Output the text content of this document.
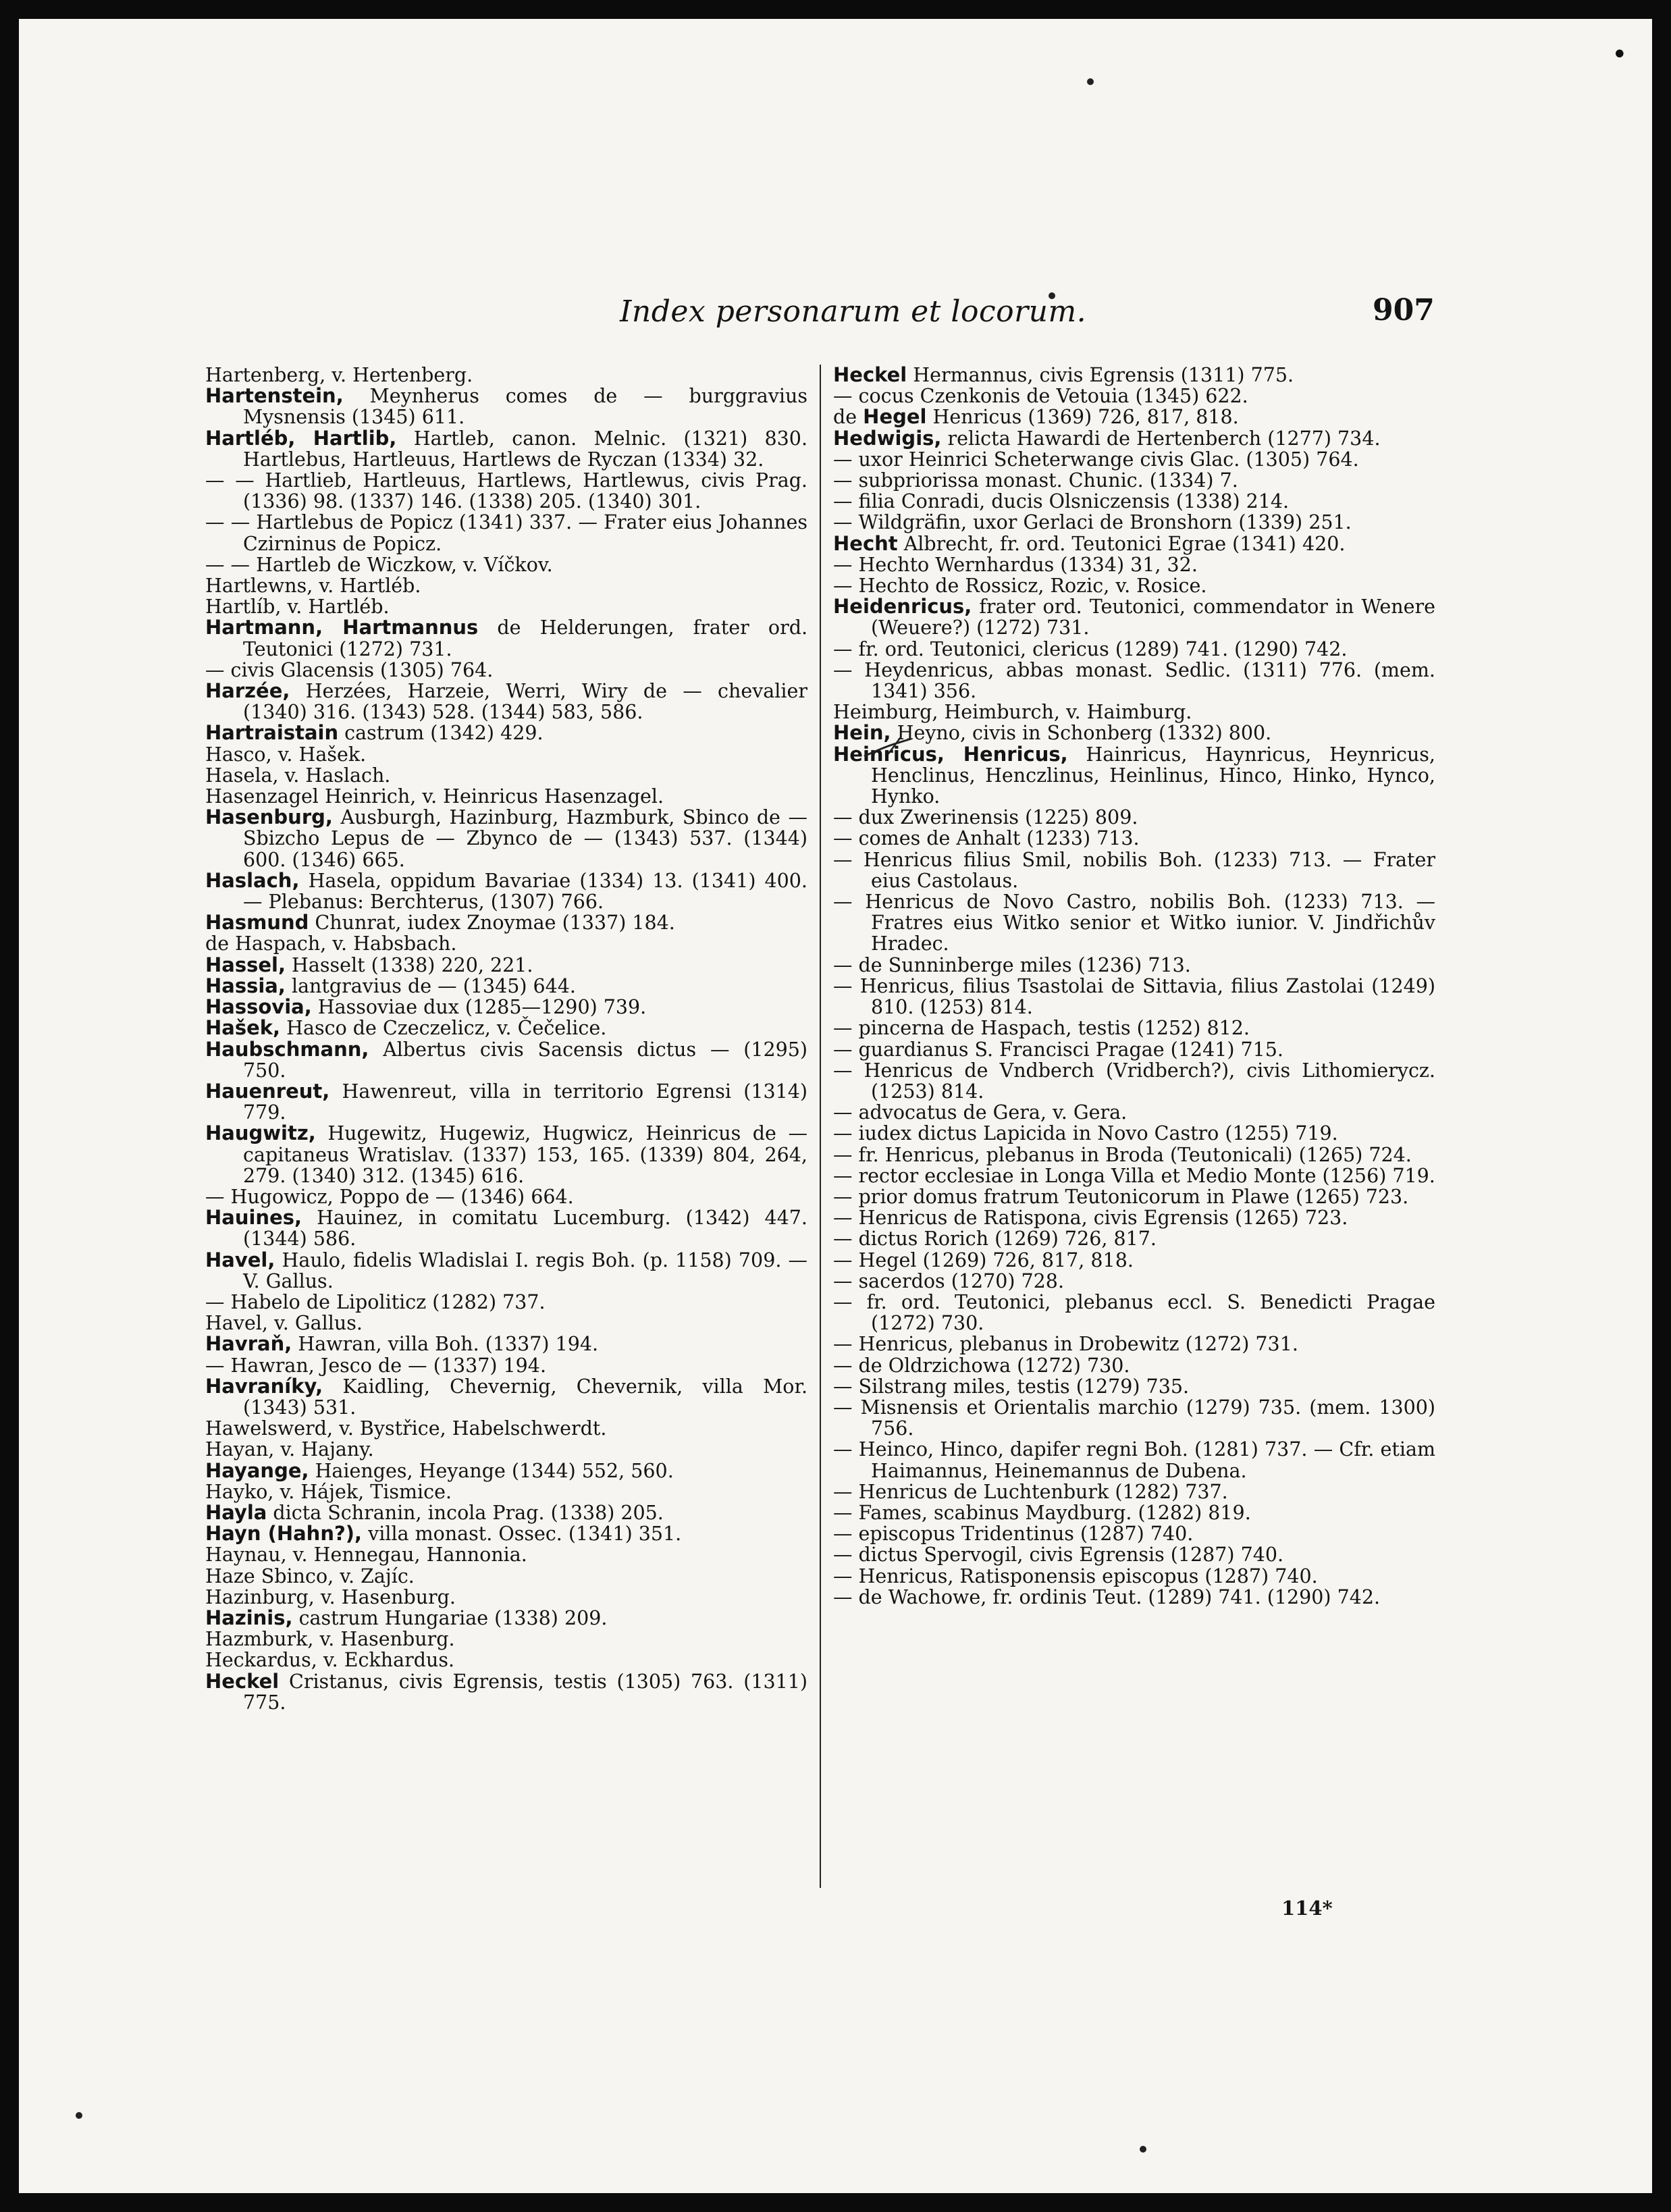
•
Index personarum et locorum.	907
Hartenberg, v. Hertenberg.
Hartenstein, Meynherus comes de — burggravius Mysnensis (1345) 611.
Hartléb, Hartlib, Hartleb, canon. Melnic. (1321) 830. Hartlebus, Hartleuus, Hartlews de Ryczan (1334) 32.
— — Hartlieb, Hartleuus, Hartlews, Hartlewus, civis Prag. (1336) 98. (1337) 146. (1338) 205. (1340) 301.
— — Hartlebus de Popicz (1341) 337. — Frater eius Johannes Czirninus de Popicz.
— — Hartleb de Wiczkow, v. Víčkov.
Hartlewns, v. Hartléb.
Hartlíb, v. Hartléb.
Hartmann, Hartmannus de Helderungen, frater ord. Teutonici (1272) 731.
— civis Glacensis (1305) 764.
Harzée, Herzées, Harzeie, Werri, Wiry de — chevalier (1340) 316. (1343) 528. (1344) 583, 586.
Hartraistain castrum (1342) 429.
Hasco, v. Hašek.
Hasela, v. Haslach.
Hasenzagel Heinrich, v. Heinricus Hasenzagel.
Hasenburg, Ausburgh, Hazinburg, Hazmburk, Sbinco de — Sbizcho Lepus de — Zbynco de — (1343) 537. (1344) 600. (1346) 665.
Haslach, Hasela, oppidum Bavariae (1334) 13. (1341) 400. — Plebanus: Berchterus, (1307) 766.
Hasmund Chunrat, iudex Znoymae (1337) 184.
de Haspach, v. Habsbach.
Hassel, Hasselt (1338) 220, 221.
Hassia, lantgravius de — (1345) 644.
Hassovia, Hassoviae dux (1285—1290) 739.
Hašek, Hasco de Czeczelicz, v. Čečelice.
Haubschmann, Albertus civis Sacensis dictus — (1295) 750.
Hauenreut, Hawenreut, villa in territorio Egrensi (1314) 779.
Haugwitz, Hugewitz, Hugewiz, Hugwicz, Heinricus de — capitaneus Wratislav. (1337) 153, 165. (1339) 804, 264, 279. (1340) 312. (1345) 616.
— Hugowicz, Poppo de — (1346) 664.
Hauines, Hauinez, in comitatu Lucemburg. (1342) 447. (1344) 586.
Havel, Haulo, fidelis Wladislai I. regis Boh. (p. 1158) 709. — V. Gallus.
— Habelo de Lipoliticz (1282) 737.
Havel, v. Gallus.
Havraň, Hawran, villa Boh. (1337) 194.
— Hawran, Jesco de — (1337) 194.
Havraníky, Kaidling, Chevernig, Chevernik, villa Mor. (1343) 531.
Hawelswerd, v. Bystřice, Habelschwerdt.
Hayan, v. Hajany.
Hayange, Haienges, Heyange (1344) 552, 560.
Hayko, v. Hájek, Tismice.
Hayla dicta Schranin, incola Prag. (1338) 205.
Hayn (Hahn?), villa monast. Ossec. (1341) 351.
Haynau, v. Hennegau, Hannonia.
Haze Sbinco, v. Zajíc.
Hazinburg, v. Hasenburg.
Hazinis, castrum Hungariae (1338) 209.
Hazmburk, v. Hasenburg.
Heckardus, v. Eckhardus.
Heckel Cristanus, civis Egrensis, testis (1305) 763. (1311) 775.
Heckel Hermannus, civis Egrensis (1311) 775.
— cocus Czenkonis de Vetouia (1345) 622.
de Hegel Henricus (1369) 726, 817, 818.
Hedwigis, relicta Hawardi de Hertenberch (1277) 734.
— uxor Heinrici Scheterwange civis Glac. (1305) 764.
— subpriorissa monast. Chunic. (1334) 7.
— filia Conradi, ducis Olsniczensis (1338) 214.
— Wildgräfin, uxor Gerlaci de Bronshorn (1339) 251.
Hecht Albrecht, fr. ord. Teutonici Egrae (1341) 420.
— Hechto Wernhardus (1334) 31, 32.
— Hechto de Rossicz, Rozic, v. Rosice.
Heidenricus, frater ord. Teutonici, commendator in Wenere (Weuere?) (1272) 731.
— fr. ord. Teutonici, clericus (1289) 741. (1290) 742.
— Heydenricus, abbas monast. Sedlic. (1311) 776. (mem. 1341) 356.
Heimburg, Heimburch, v. Haimburg.
Hein, Heyno, civis in Schonberg (1332) 800.
Heinricus, Henricus, Hainricus, Haynricus, Heynricus, Henclinus, Henczlinus, Heinlinus, Hinco, Hinko, Hynco, Hynko.
— dux Zwerinensis (1225) 809.
— comes de Anhalt (1233) 713.
— Henricus filius Smil, nobilis Boh. (1233) 713. — Frater eius Castolaus.
— Henricus de Novo Castro, nobilis Boh. (1233) 713. — Fratres eius Witko senior et Witko iunior. V. Jindřichův Hradec.
— de Sunninberge miles (1236) 713.
— Henricus, filius Tsastolai de Sittavia, filius Zastolai (1249) 810. (1253) 814.
— pincerna de Haspach, testis (1252) 812.
— guardianus S. Francisci Pragae (1241) 715.
— Henricus de Vndberch (Vridberch?), civis Lithomierycz. (1253) 814.
— advocatus de Gera, v. Gera.
— iudex dictus Lapicida in Novo Castro (1255) 719.
— fr. Henricus, plebanus in Broda (Teutonicali) (1265) 724.
— rector ecclesiae in Longa Villa et Medio Monte (1256) 719.
— prior domus fratrum Teutonicorum in Plawe (1265) 723.
— Henricus de Ratispona, civis Egrensis (1265) 723.
— dictus Rorich (1269) 726, 817.
— Hegel (1269) 726, 817, 818.
— sacerdos (1270) 728.
— fr. ord. Teutonici, plebanus eccl. S. Benedicti Pragae (1272) 730.
— Henricus, plebanus in Drobewitz (1272) 731.
— de Oldrzichowa (1272) 730.
— Silstrang miles, testis (1279) 735.
— Misnensis et Orientalis marchio (1279) 735. (mem. 1300) 756.
— Heinco, Hinco, dapifer regni Boh. (1281) 737. — Cfr. etiam Haimannus, Heinemannus de Dubena.
— Henricus de Luchtenburk (1282) 737.
— Fames, scabinus Maydburg. (1282) 819.
— episcopus Tridentinus (1287) 740.
— dictus Spervogil, civis Egrensis (1287) 740.
— Henricus, Ratisponensis episcopus (1287) 740.
— de Wachowe, fr. ordinis Teut. (1289) 741. (1290) 742.
114*
